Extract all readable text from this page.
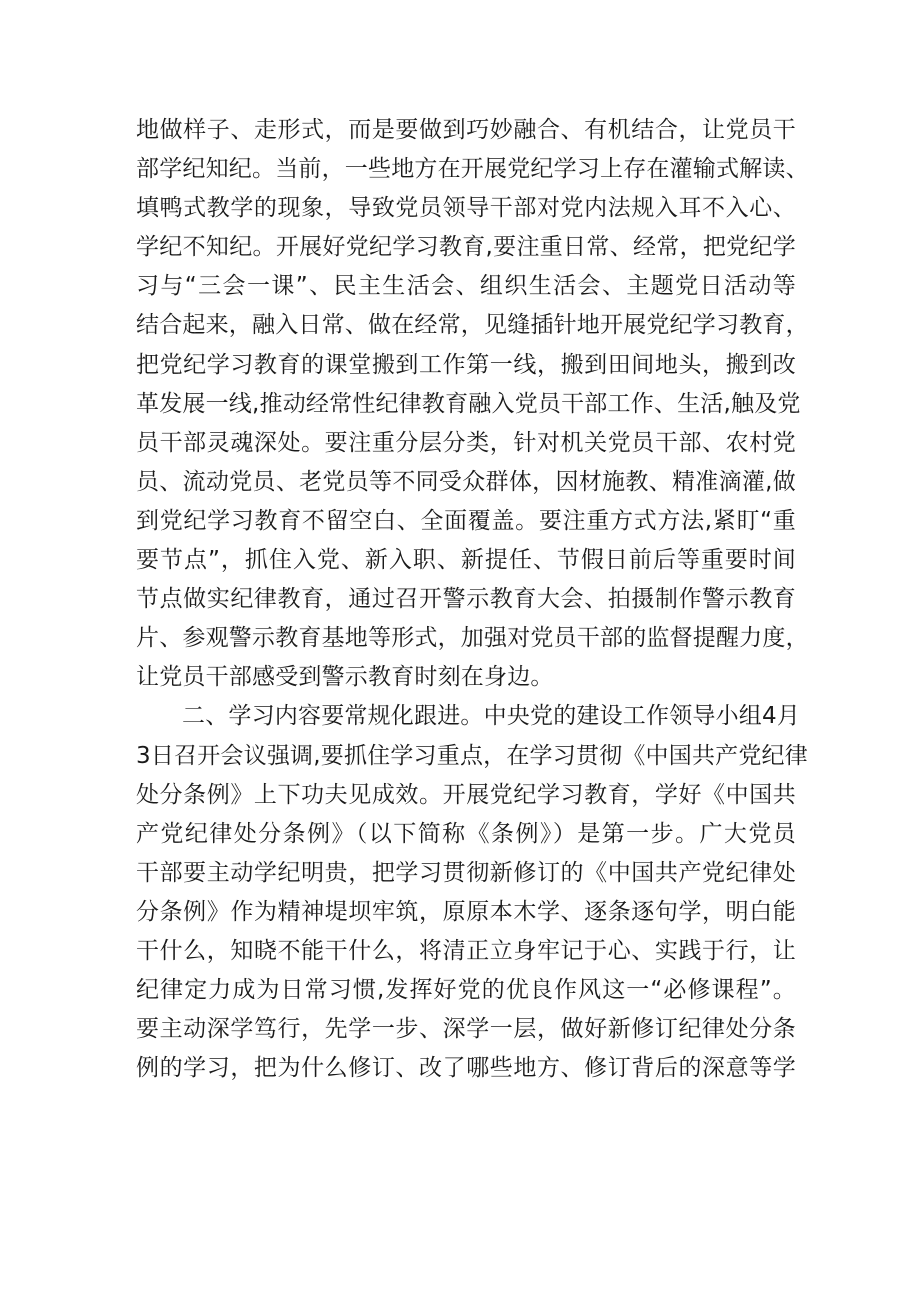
地做样子、走形式，而是要做到巧妙融合、有机结合，让党员干
部学纪知纪。当前，一些地方在开展党纪学习上存在灌输式解读、
填鸭式教学的现象，导致党员领导干部对党内法规入耳不入心、
学纪不知纪。开展好党纪学习教育,要注重日常、经常，把党纪学
习与“三会一课”、民主生活会、组织生活会、主题党日活动等
结合起来，融入日常、做在经常，见缝插针地开展党纪学习教育，
把党纪学习教育的课堂搬到工作第一线，搬到田间地头，搬到改
革发展一线,推动经常性纪律教育融入党员干部工作、生活,触及党
员干部灵魂深处。要注重分层分类，针对机关党员干部、农村党
员、流动党员、老党员等不同受众群体，因材施教、精准滴灌,做
到党纪学习教育不留空白、全面覆盖。要注重方式方法,紧盯“重
要节点”，抓住入党、新入职、新提任、节假日前后等重要时间
节点做实纪律教育，通过召开警示教育大会、拍摄制作警示教育
片、参观警示教育基地等形式，加强对党员干部的监督提醒力度，
让党员干部感受到警示教育时刻在身边。
二、学习内容要常规化跟进。中央党的建设工作领导小组4月
3日召开会议强调,要抓住学习重点，在学习贯彻《中国共产党纪律
处分条例》上下功夫见成效。开展党纪学习教育，学好《中国共
产党纪律处分条例》（以下简称《条例》）是第一步。广大党员
干部要主动学纪明贵，把学习贯彻新修订的《中国共产党纪律处
分条例》作为精神堤坝牢筑，原原本木学、逐条逐句学，明白能
干什么，知晓不能干什么，将清正立身牢记于心、实践于行，让
纪律定力成为日常习惯,发挥好党的优良作风这一“必修课程”。
要主动深学笃行，先学一步、深学一层，做好新修订纪律处分条
例的学习，把为什么修订、改了哪些地方、修订背后的深意等学
